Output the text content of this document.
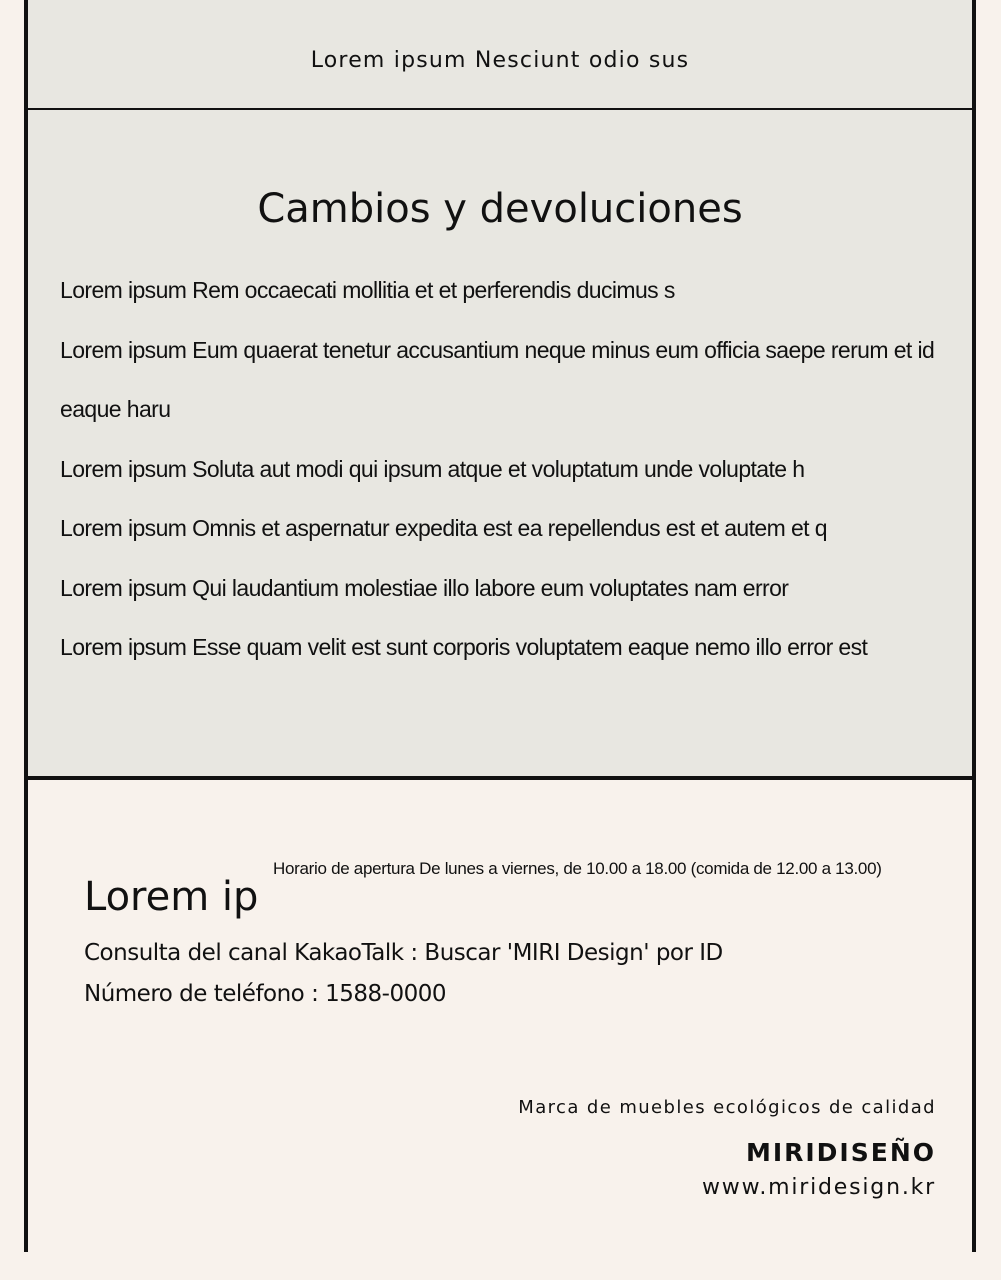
Lorem ipsum Nesciunt odio sus
Cambios y devoluciones
Lorem ipsum Rem occaecati mollitia et et perferendis ducimus s
Lorem ipsum Eum quaerat tenetur accusantium neque minus eum officia saepe rerum et id eaque haru
Lorem ipsum Soluta aut modi qui ipsum atque et voluptatum unde voluptate h
Lorem ipsum Omnis et aspernatur expedita est ea repellendus est et autem et q
Lorem ipsum Qui laudantium molestiae illo labore eum voluptates nam error
Lorem ipsum Esse quam velit est sunt corporis voluptatem eaque nemo illo error est
Lorem ip
Horario de apertura De lunes a viernes, de 10.00 a 18.00 (comida de 12.00 a 13.00)
Consulta del canal KakaoTalk : Buscar 'MIRI Design' por ID
Número de teléfono : 1588-0000
Marca de muebles ecológicos de calidad
MIRIDISEÑO
www.miridesign.kr
